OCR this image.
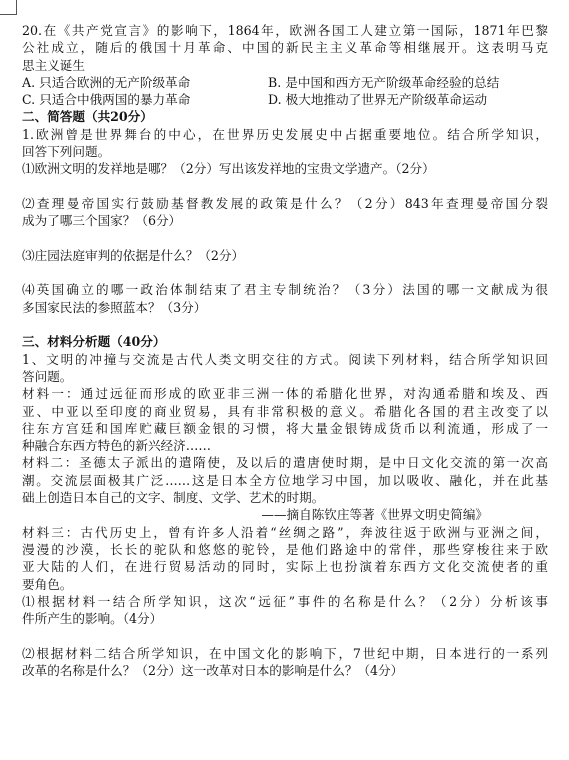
20.在《共产党宣言》的影响下，1864年，欧洲各国工人建立第一国际，1871年巴黎
公社成立，随后的俄国十月革命、中国的新民主主义革命等相继展开。这表明马克
思主义诞生
A. 只适合欧洲的无产阶级革命	B. 是中国和西方无产阶级革命经验的总结
C. 只适合中俄两国的暴力革命	D. 极大地推动了世界无产阶级革命运动
二、简答题（共20分）
1.欧洲曾是世界舞台的中心，在世界历史发展史中占据重要地位。结合所学知识，
回答下列问题。
⑴欧洲文明的发祥地是哪？（2分）写出该发祥地的宝贵文学遗产。（2分）
⑵查理曼帝国实行鼓励基督教发展的政策是什么？（2分）843年查理曼帝国分裂
成为了哪三个国家？（6分）
⑶庄园法庭审判的依据是什么？（2分）
⑷英国确立的哪一政治体制结束了君主专制统治？（3分）法国的哪一文献成为很
多国家民法的参照蓝本？（3分）
三、材料分析题（40分）
1、文明的冲撞与交流是古代人类文明交往的方式。阅读下列材料，结合所学知识回
答问题。
材料一：通过远征而形成的欧亚非三洲一体的希腊化世界，对沟通希腊和埃及、西
亚、中亚以至印度的商业贸易，具有非常积极的意义。希腊化各国的君主改变了以
往东方宫廷和国库贮藏巨额金银的习惯，将大量金银铸成货币以利流通，形成了一
种融合东西方特色的新兴经济……
材料二：圣德太子派出的遣隋使，及以后的遣唐使时期，是中日文化交流的第一次高
潮。交流层面极其广泛……这是日本全方位地学习中国，加以吸收、融化，并在此基
础上创造日本自己的文字、制度、文学、艺术的时期。
——摘自陈钦庄等著《世界文明史简编》
材料三：古代历史上，曾有许多人沿着“丝绸之路”，奔波往返于欧洲与亚洲之间，
漫漫的沙漠，长长的驼队和悠悠的驼铃，是他们路途中的常伴，那些穿梭往来于欧
亚大陆的人们，在进行贸易活动的同时，实际上也扮演着东西方文化交流使者的重
要角色。
⑴根据材料一结合所学知识，这次“远征”事件的名称是什么？（2分）分析该事
件所产生的影响。（4分）
⑵根据材料二结合所学知识，在中国文化的影响下，7世纪中期，日本进行的一系列
改革的名称是什么？（2分）这一改革对日本的影响是什么？（4分）
